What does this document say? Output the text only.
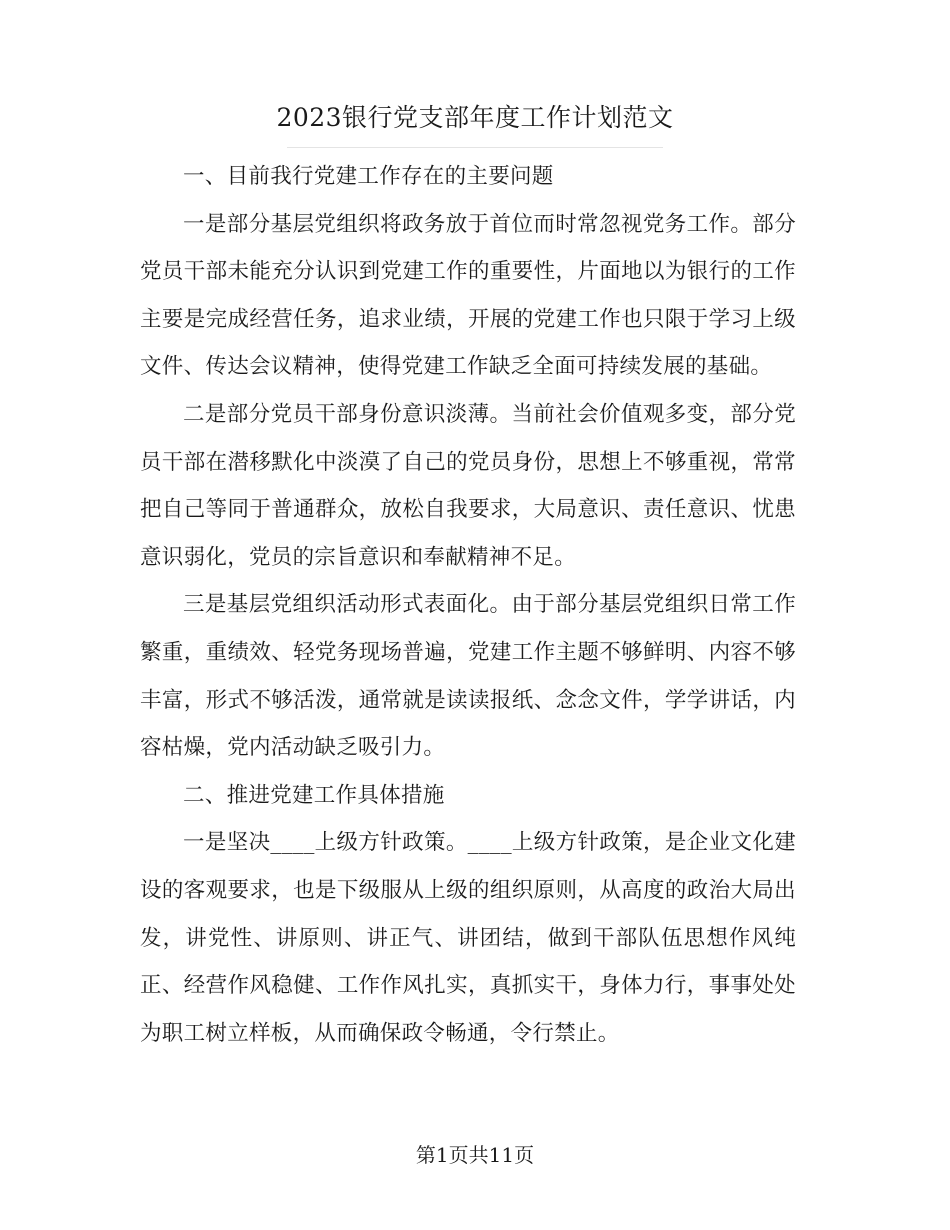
2023银行党支部年度工作计划范文

一、目前我行党建工作存在的主要问题

一是部分基层党组织将政务放于首位而时常忽视党务工作。部分党员干部未能充分认识到党建工作的重要性，片面地以为银行的工作主要是完成经营任务，追求业绩，开展的党建工作也只限于学习上级文件、传达会议精神，使得党建工作缺乏全面可持续发展的基础。

二是部分党员干部身份意识淡薄。当前社会价值观多变，部分党员干部在潜移默化中淡漠了自己的党员身份，思想上不够重视，常常把自己等同于普通群众，放松自我要求，大局意识、责任意识、忧患意识弱化，党员的宗旨意识和奉献精神不足。

三是基层党组织活动形式表面化。由于部分基层党组织日常工作繁重，重绩效、轻党务现场普遍，党建工作主题不够鲜明、内容不够丰富，形式不够活泼，通常就是读读报纸、念念文件，学学讲话，内容枯燥，党内活动缺乏吸引力。

二、推进党建工作具体措施

一是坚决____上级方针政策。____上级方针政策，是企业文化建设的客观要求，也是下级服从上级的组织原则，从高度的政治大局出发，讲党性、讲原则、讲正气、讲团结，做到干部队伍思想作风纯正、经营作风稳健、工作作风扎实，真抓实干，身体力行，事事处处为职工树立样板，从而确保政令畅通，令行禁止。

第1页共11页
